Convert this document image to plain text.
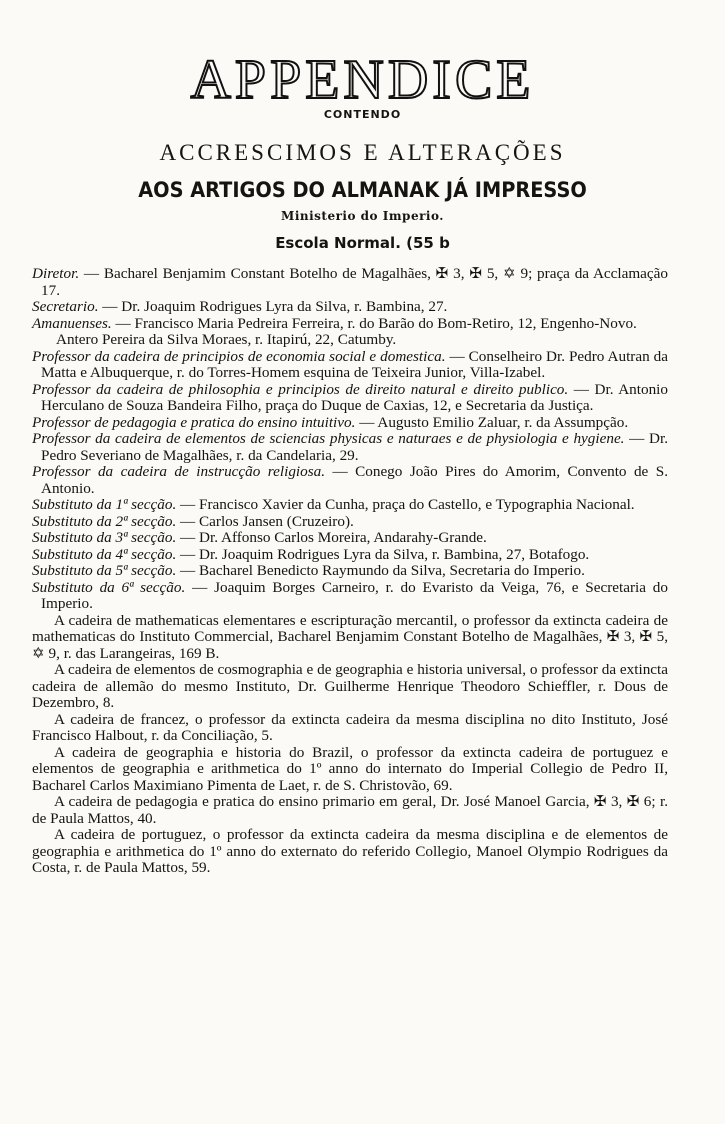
APPENDICE
CONTENDO
ACCRESCIMOS E ALTERAÇÕES
AOS ARTIGOS DO ALMANAK JÁ IMPRESSO
Ministerio do Imperio.
Escola Normal. (55 b

Diretor. — Bacharel Benjamim Constant Botelho de Magalhães, ✠ 3, ✠ 5, ✡ 9; praça da Acclamação 17.

Secretario. — Dr. Joaquim Rodrigues Lyra da Silva, r. Bambina, 27.

Amanuenses. — Francisco Maria Pedreira Ferreira, r. do Barão do Bom-Retiro, 12, Engenho-Novo.

Antero Pereira da Silva Moraes, r. Itapirú, 22, Catumby.

Professor da cadeira de principios de economia social e domestica. — Conselheiro Dr. Pedro Autran da Matta e Albuquerque, r. do Torres-Homem esquina de Teixeira Junior, Villa-Izabel.

Professor da cadeira de philosophia e principios de direito natural e direito publico. — Dr. Antonio Herculano de Souza Bandeira Filho, praça do Duque de Caxias, 12, e Secretaria da Justiça.

Professor de pedagogia e pratica do ensino intuitivo. — Augusto Emilio Zaluar, r. da Assumpção.

Professor da cadeira de elementos de sciencias physicas e naturaes e de physiologia e hygiene. — Dr. Pedro Severiano de Magalhães, r. da Candelaria, 29.

Professor da cadeira de instrucção religiosa. — Conego João Pires do Amorim, Convento de S. Antonio.

Substituto da 1ª secção. — Francisco Xavier da Cunha, praça do Castello, e Typographia Nacional.

Substituto da 2ª secção. — Carlos Jansen (Cruzeiro).

Substituto da 3ª secção. — Dr. Affonso Carlos Moreira, Andarahy-Grande.

Substituto da 4ª secção. — Dr. Joaquim Rodrigues Lyra da Silva, r. Bambina, 27, Botafogo.

Substituto da 5ª secção. — Bacharel Benedicto Raymundo da Silva, Secretaria do Imperio.

Substituto da 6ª secção. — Joaquim Borges Carneiro, r. do Evaristo da Veiga, 76, e Secretaria do Imperio.

A cadeira de mathematicas elementares e escripturação mercantil, o professor da extincta cadeira de mathematicas do Instituto Commercial, Bacharel Benjamim Constant Botelho de Magalhães, ✠ 3, ✠ 5, ✡ 9, r. das Larangeiras, 169 B.

A cadeira de elementos de cosmographia e de geographia e historia universal, o professor da extincta cadeira de allemão do mesmo Instituto, Dr. Guilherme Henrique Theodoro Schieffler, r. Dous de Dezembro, 8.

A cadeira de francez, o professor da extincta cadeira da mesma disciplina no dito Instituto, José Francisco Halbout, r. da Conciliação, 5.

A cadeira de geographia e historia do Brazil, o professor da extincta cadeira de portuguez e elementos de geographia e arithmetica do 1º anno do internato do Imperial Collegio de Pedro II, Bacharel Carlos Maximiano Pimenta de Laet, r. de S. Christovão, 69.

A cadeira de pedagogia e pratica do ensino primario em geral, Dr. José Manoel Garcia, ✠ 3, ✠ 6; r. de Paula Mattos, 40.

A cadeira de portuguez, o professor da extincta cadeira da mesma disciplina e de elementos de geographia e arithmetica do 1º anno do externato do referido Collegio, Manoel Olympio Rodrigues da Costa, r. de Paula Mattos, 59.
